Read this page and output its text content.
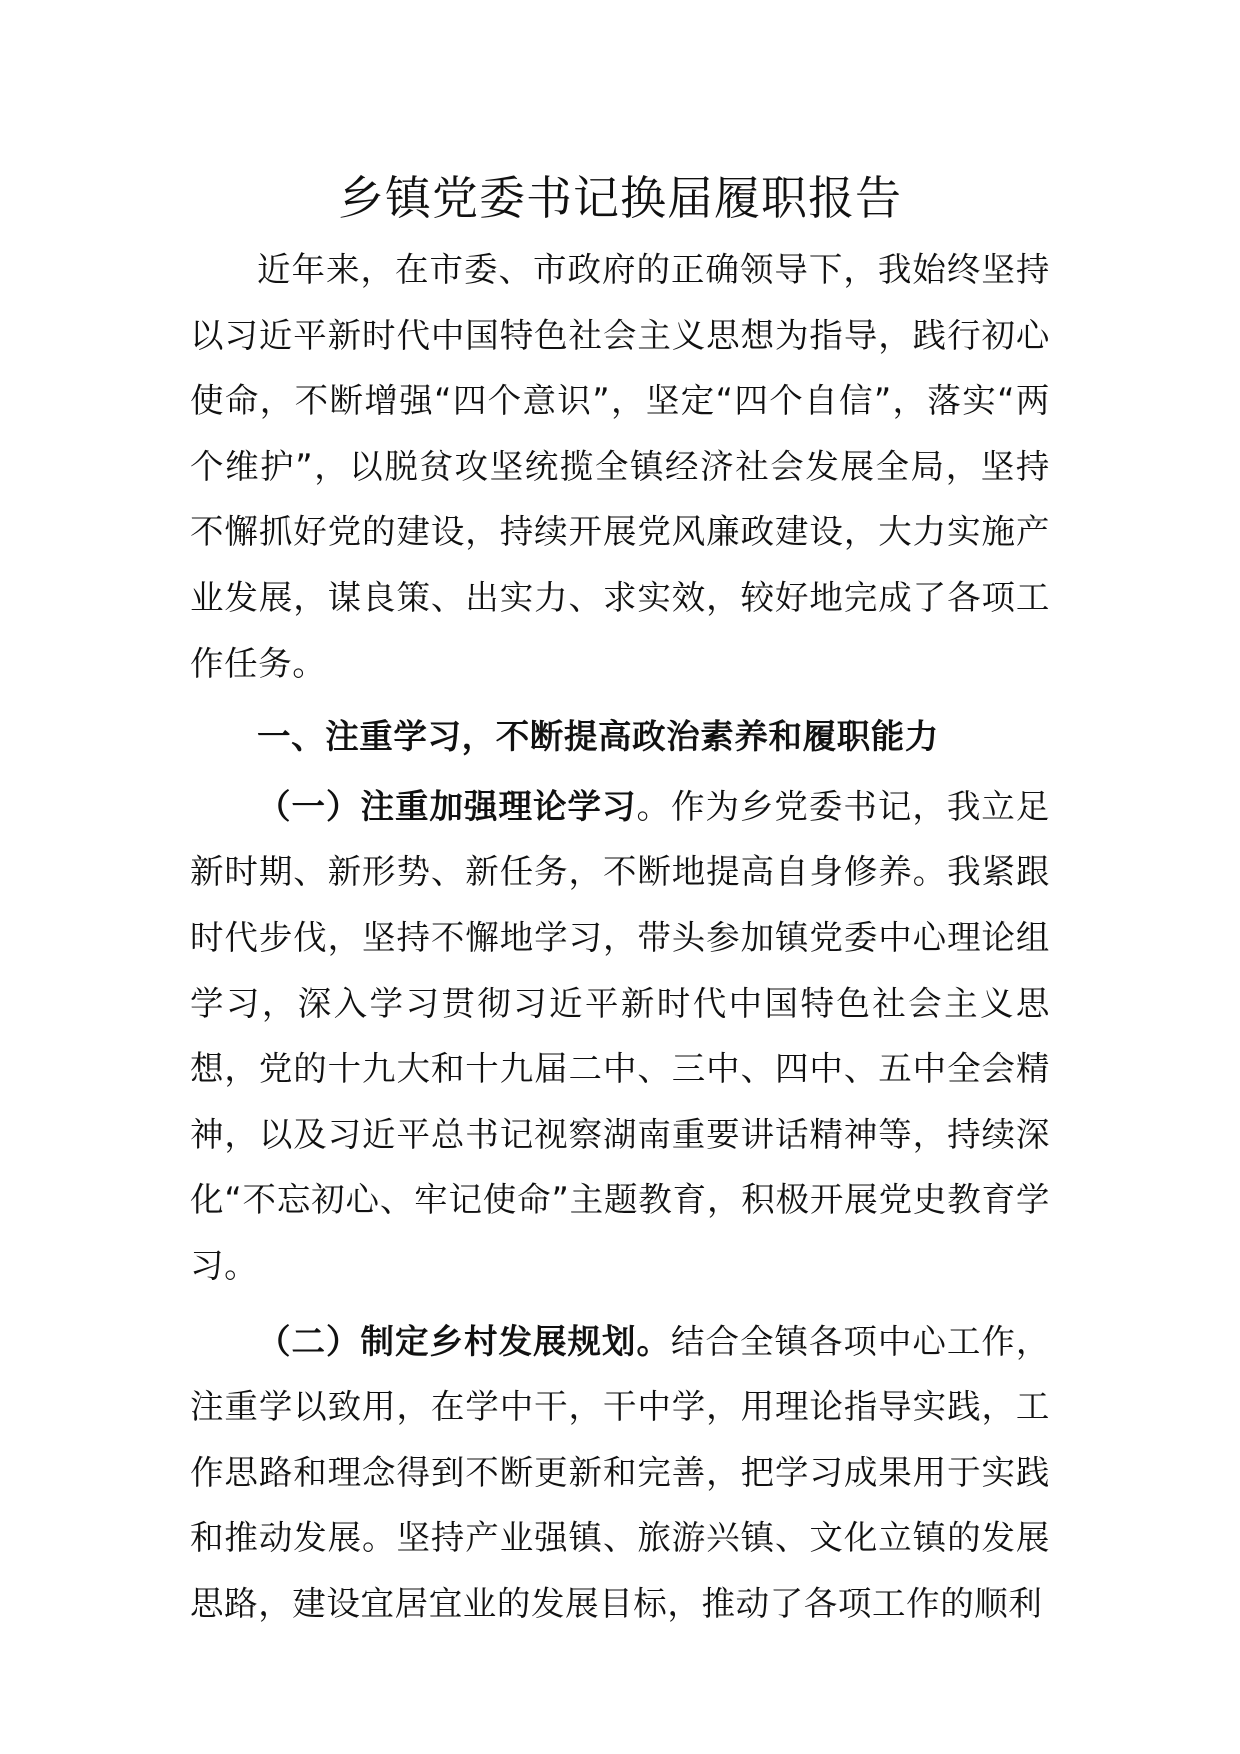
乡镇党委书记换届履职报告

近年来，在市委、市政府的正确领导下，我始终坚持以习近平新时代中国特色社会主义思想为指导，践行初心使命，不断增强“四个意识”，坚定“四个自信”，落实“两个维护”，以脱贫攻坚统揽全镇经济社会发展全局，坚持不懈抓好党的建设，持续开展党风廉政建设，大力实施产业发展，谋良策、出实力、求实效，较好地完成了各项工作任务。

一、注重学习，不断提高政治素养和履职能力

（一）注重加强理论学习。作为乡党委书记，我立足新时期、新形势、新任务，不断地提高自身修养。我紧跟时代步伐，坚持不懈地学习，带头参加镇党委中心理论组学习，深入学习贯彻习近平新时代中国特色社会主义思想，党的十九大和十九届二中、三中、四中、五中全会精神，以及习近平总书记视察湖南重要讲话精神等，持续深化“不忘初心、牢记使命”主题教育，积极开展党史教育学习。

（二）制定乡村发展规划。结合全镇各项中心工作，注重学以致用，在学中干，干中学，用理论指导实践，工作思路和理念得到不断更新和完善，把学习成果用于实践和推动发展。坚持产业强镇、旅游兴镇、文化立镇的发展思路，建设宜居宜业的发展目标，推动了各项工作的顺利
